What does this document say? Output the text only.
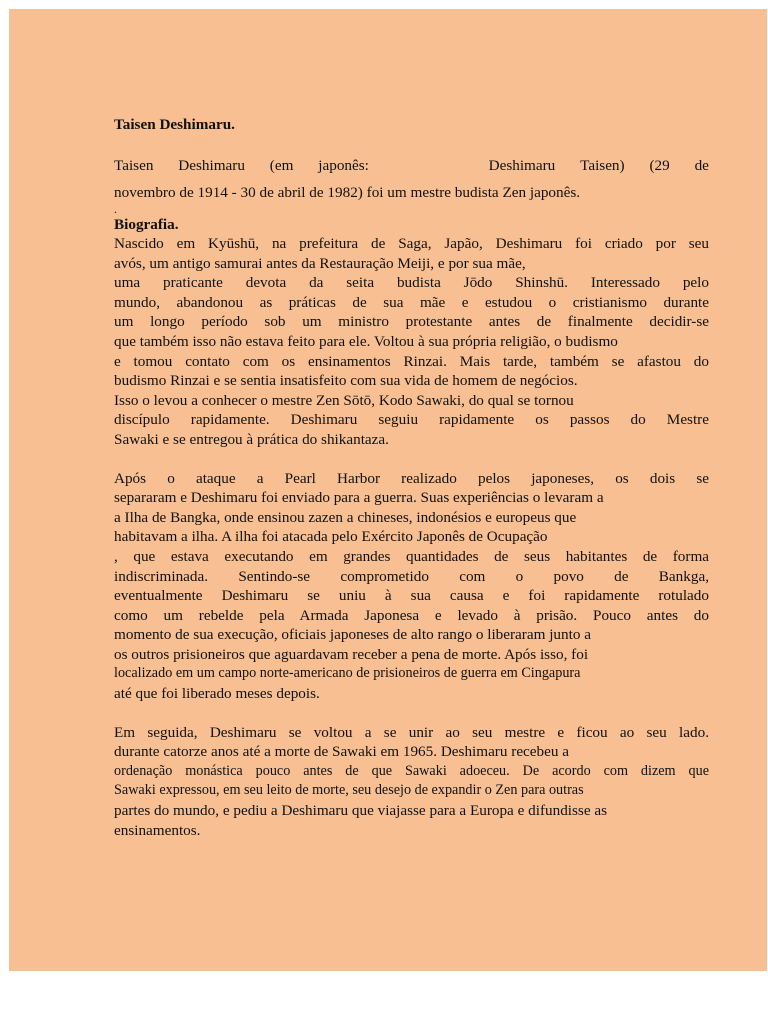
Taisen Deshimaru.
Taisen Deshimaru (em japonês:	Deshimaru Taisen) (29 de
novembro de 1914 - 30 de abril de 1982) foi um mestre budista Zen japonês.
.
Biografia.
Nascido em Kyūshū, na prefeitura de Saga, Japão, Deshimaru foi criado por seu
avós, um antigo samurai antes da Restauração Meiji, e por sua mãe,
uma praticante devota da seita budista Jōdo Shinshū. Interessado pelo
mundo, abandonou as práticas de sua mãe e estudou o cristianismo durante
um longo período sob um ministro protestante antes de finalmente decidir-se
que também isso não estava feito para ele. Voltou à sua própria religião, o budismo
e tomou contato com os ensinamentos Rinzai. Mais tarde, também se afastou do
budismo Rinzai e se sentia insatisfeito com sua vida de homem de negócios.
Isso o levou a conhecer o mestre Zen Sōtō, Kodo Sawaki, do qual se tornou
discípulo rapidamente. Deshimaru seguiu rapidamente os passos do Mestre
Sawaki e se entregou à prática do shikantaza.
Após o ataque a Pearl Harbor realizado pelos japoneses, os dois se
separaram e Deshimaru foi enviado para a guerra. Suas experiências o levaram a
a Ilha de Bangka, onde ensinou zazen a chineses, indonésios e europeus que
habitavam a ilha. A ilha foi atacada pelo Exército Japonês de Ocupação
, que estava executando em grandes quantidades de seus habitantes de forma
indiscriminada. Sentindo-se comprometido com o povo de Bankga,
eventualmente Deshimaru se uniu à sua causa e foi rapidamente rotulado
como um rebelde pela Armada Japonesa e levado à prisão. Pouco antes do
momento de sua execução, oficiais japoneses de alto rango o liberaram junto a
os outros prisioneiros que aguardavam receber a pena de morte. Após isso, foi
localizado em um campo norte-americano de prisioneiros de guerra em Cingapura
até que foi liberado meses depois.
Em seguida, Deshimaru se voltou a se unir ao seu mestre e ficou ao seu lado.
durante catorze anos até a morte de Sawaki em 1965. Deshimaru recebeu a
ordenação monástica pouco antes de que Sawaki adoeceu. De acordo com dizem que
Sawaki expressou, em seu leito de morte, seu desejo de expandir o Zen para outras
partes do mundo, e pediu a Deshimaru que viajasse para a Europa e difundisse as
ensinamentos.
